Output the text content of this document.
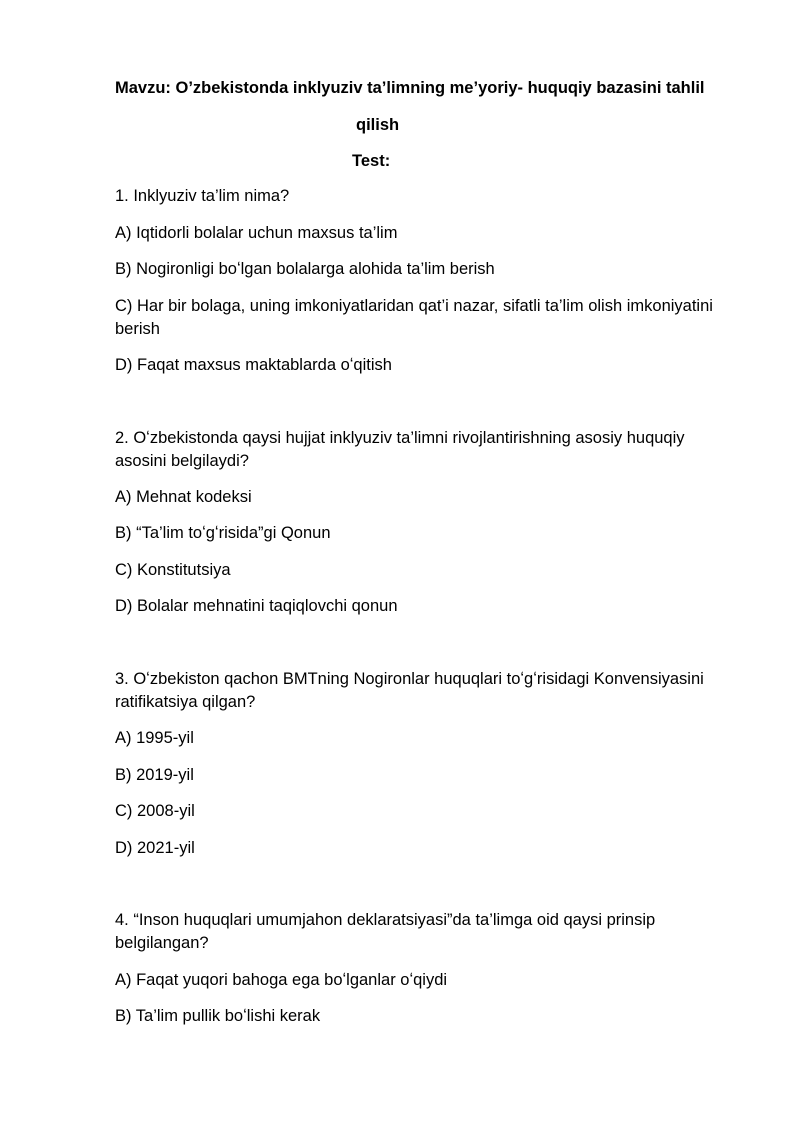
Mavzu: O’zbekistonda inklyuziv ta’limning me’yoriy- huquqiy bazasini tahlil
qilish
Test:
1. Inklyuziv ta’lim nima?
A) Iqtidorli bolalar uchun maxsus ta’lim
B) Nogironligi boʻlgan bolalarga alohida ta’lim berish
C) Har bir bolaga, uning imkoniyatlaridan qat’i nazar, sifatli ta’lim olish imkoniyatini berish
D) Faqat maxsus maktablarda oʻqitish
2. Oʻzbekistonda qaysi hujjat inklyuziv ta’limni rivojlantirishning asosiy huquqiy asosini belgilaydi?
A) Mehnat kodeksi
B) “Ta’lim toʻgʻrisida”gi Qonun
C) Konstitutsiya
D) Bolalar mehnatini taqiqlovchi qonun
3. Oʻzbekiston qachon BMTning Nogironlar huquqlari toʻgʻrisidagi Konvensiyasini ratifikatsiya qilgan?
A) 1995-yil
B) 2019-yil
C) 2008-yil
D) 2021-yil
4. “Inson huquqlari umumjahon deklaratsiyasi”da ta’limga oid qaysi prinsip belgilangan?
A) Faqat yuqori bahoga ega boʻlganlar oʻqiydi
B) Ta’lim pullik boʻlishi kerak
